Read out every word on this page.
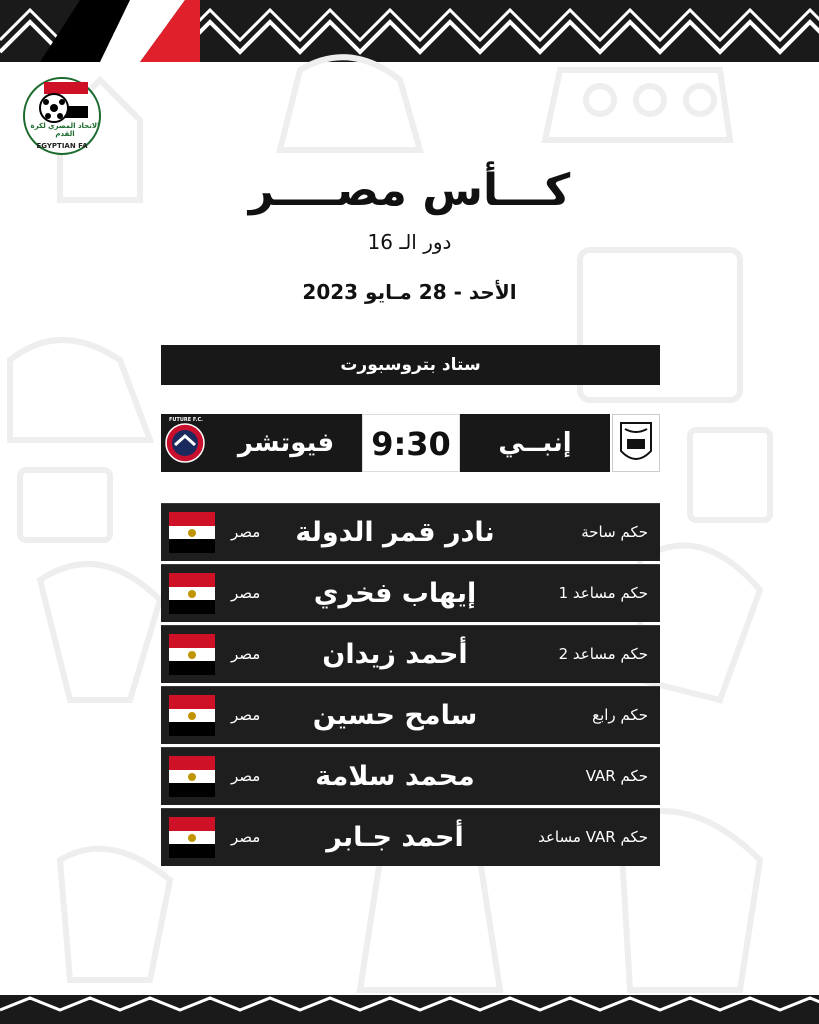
الاتحاد المصري لكرة القدم
EGYPTIAN FA
كـــأس مصــــر
دور الـ 16
الأحد - 28 مـايو 2023
ستاد بتروسبورت
إنبــي
9:30
فيوتشر
FUTURE F.C.
مصر	نادر قمر الدولة	حكم ساحة
مصر	إيهاب فخري	حكم مساعد 1
مصر	أحمد زيدان	حكم مساعد 2
مصر	سامح حسين	حكم رابع
مصر	محمد سلامة	حكم VAR
مصر	أحمد جـابر	حكم VAR مساعد
